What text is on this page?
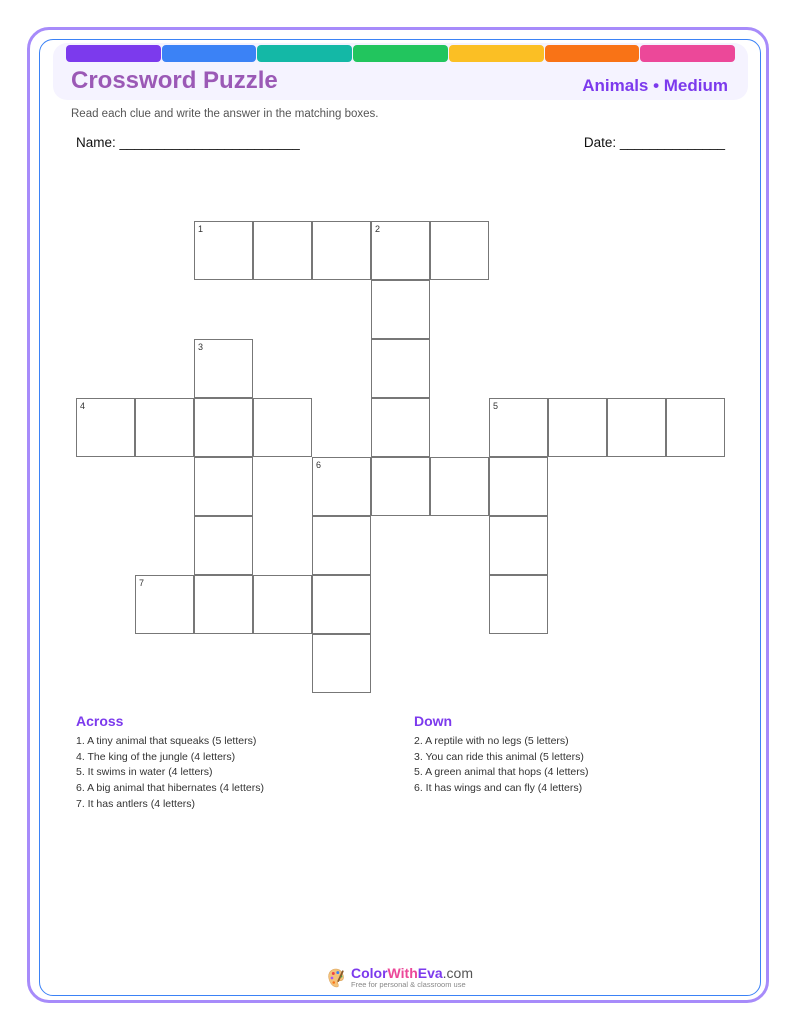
Crossword Puzzle	Animals • Medium
Read each clue and write the answer in the matching boxes.
Name: ________________________	Date: ______________
1	2
3
4	5
6
7
Across
1. A tiny animal that squeaks (5 letters)
4. The king of the jungle (4 letters)
5. It swims in water (4 letters)
6. A big animal that hibernates (4 letters)
7. It has antlers (4 letters)
Down
2. A reptile with no legs (5 letters)
3. You can ride this animal (5 letters)
5. A green animal that hops (4 letters)
6. It has wings and can fly (4 letters)
ColorWithEva.com
Free for personal & classroom use
